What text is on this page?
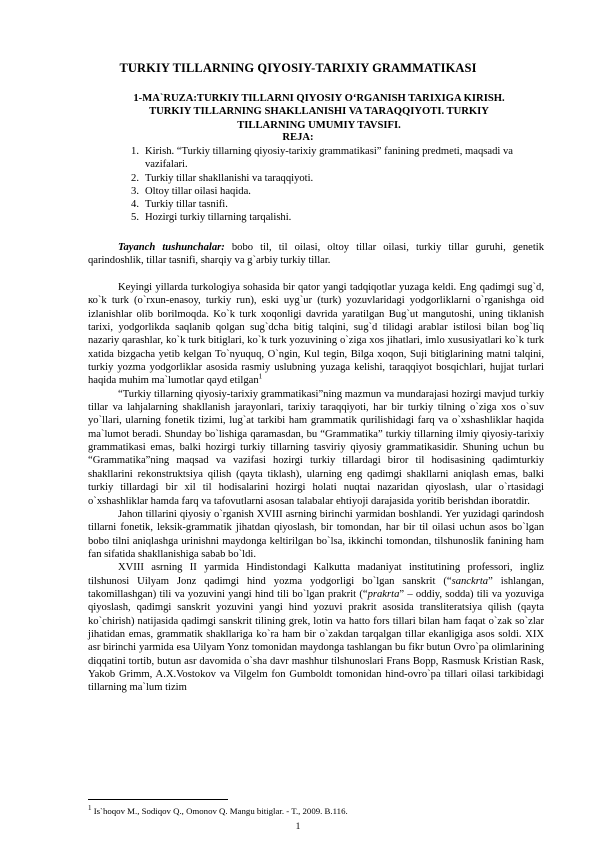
TURKIY TILLARNING QIYOSIY-TARIXIY GRAMMATIKASI
1-MA`RUZA:TURKIY TILLARNI QIYOSIY O‘RGANISH TARIXIGA KIRISH.
TURKIY TILLARNING SHAKLLANISHI VA TARAQQIYOTI. TURKIY
TILLARNING UMUMIY TAVSIFI.
REJA:
1. Kirish. “Turkiy tillarning qiyosiy-tarixiy grammatikasi” fanining predmeti, maqsadi va vazifalari.
2. Turkiy tillar shakllanishi va taraqqiyoti.
3. Oltoy tillar oilasi haqida.
4. Turkiy tillar tasnifi.
5. Hozirgi turkiy tillarning tarqalishi.

Tayanch tushunchalar: bobo til, til oilasi, oltoy tillar oilasi, turkiy tillar guruhi, genetik qarindoshlik, tillar tasnifi, sharqiy va g`arbiy turkiy tillar.

Keyingi yillarda turkologiya sohasida bir qator yangi tadqiqotlar yuzaga keldi. Eng qadimgi sug`d, ко`k turk (o`rxun-enasoy, turkiy run), eski uyg`ur (turk) yozuvlaridagi yodgorliklarni o`rganishga oid izlanishlar olib borilmoqda. Ko`k turk xoqonligi davrida yaratilgan Bug`ut mangutoshi, uning tiklanish tarixi, yodgorlikda saqlanib qolgan sug`dcha bitig talqini, sug`d tilidagi arablar istilosi bilan bog`liq nazariy qarashlar, ko`k turk bitiglari, ko`k turk yozuvining o`ziga xos jihatlari, imlo xususiyatlari ko`k turk xatida bizgacha yetib kelgan To`nyuquq, O`ngin, Kul tegin, Bilga xoqon, Suji bitiglarining matni talqini, turkiy yozma yodgorliklar asosida rasmiy uslubning yuzaga kelishi, taraqqiyot bosqichlari, hujjat turlari haqida muhim ma`lumotlar qayd etilgan$^1$

“Turkiy tillarning qiyosiy-tarixiy grammatikasi”ning mazmun va mundarajasi hozirgi mavjud turkiy tillar va lahjalarning shakllanish jarayonlari, tarixiy taraqqiyoti, har bir turkiy tilning o`ziga xos o`suv yo`llari, ularning fonetik tizimi, lug`at tarkibi ham grammatik qurilishidagi farq va o`xshashliklar haqida ma`lumot beradi. Shunday bo`lishiga qaramasdan, bu “Grammatika” turkiy tillarning ilmiy qiyosiy-tarixiy grammatikasi emas, balki hozirgi turkiy tillarning tasviriy qiyosiy grammatikasidir. Shuning uchun bu “Grammatika”ning maqsad va vazifasi hozirgi turkiy tillardagi biror til hodisasining qadimturkiy shakllarini rekonstruktsiya qilish (qayta tiklash), ularning eng qadimgi shakllarni aniqlash emas, balki turkiy tillardagi bir xil til hodisalarini hozirgi holati nuqtai nazaridan qiyoslash, ular o`rtasidagi o`xshashliklar hamda farq va tafovutlarni asosan talabalar ehtiyoji darajasida yoritib berishdan iboratdir.

Jahon tillarini qiyosiy o`rganish XVIII asrning birinchi yarmidan boshlandi. Yer yuzidagi qarindosh tillarni fonetik, leksik-grammatik jihatdan qiyoslash, bir tomondan, har bir til oilasi uchun asos bo`lgan bobo tilni aniqlashga urinishni maydonga keltirilgan bo`lsa, ikkinchi tomondan, tilshunoslik fanining ham fan sifatida shakllanishiga sabab bo`ldi.

XVIII asrning II yarmida Hindistondagi Kalkutta madaniyat institutining professori, ingliz tilshunosi Uilyam Jonz qadimgi hind yozma yodgorligi bo`lgan sanskrit (“sanckrta” ishlangan, takomillashgan) tili va yozuvini yangi hind tili bo`lgan prakrit (“prakrta” – oddiy, sodda) tili va yozuviga qiyoslash, qadimgi sanskrit yozuvini yangi hind yozuvi prakrit asosida transliteratsiya qilish (qayta ko`chirish) natijasida qadimgi sanskrit tilining grek, lotin va hatto fors tillari bilan ham faqat o`zak so`zlar jihatidan emas, grammatik shakllariga ko`ra ham bir o`zakdan tarqalgan tillar ekanligiga asos soldi. XIX asr birinchi yarmida esa Uilyam Yonz tomonidan maydonga tashlangan bu fikr butun Ovro`pa olimlarining diqqatini tortib, butun asr davomida o`sha davr mashhur tilshunoslari Frans Bopp, Rasmusk Kristian Rask, Yakob Grimm, A.X.Vostokov va Vilgelm fon Gumboldt tomonidan hind-ovro`pa tillari oilasi tarkibidagi tillarning ma`lum tizim

$^1$ Is`hoqov M., Sodiqov Q., Omonov Q. Mangu bitiglar. - T., 2009. B.116.
1
